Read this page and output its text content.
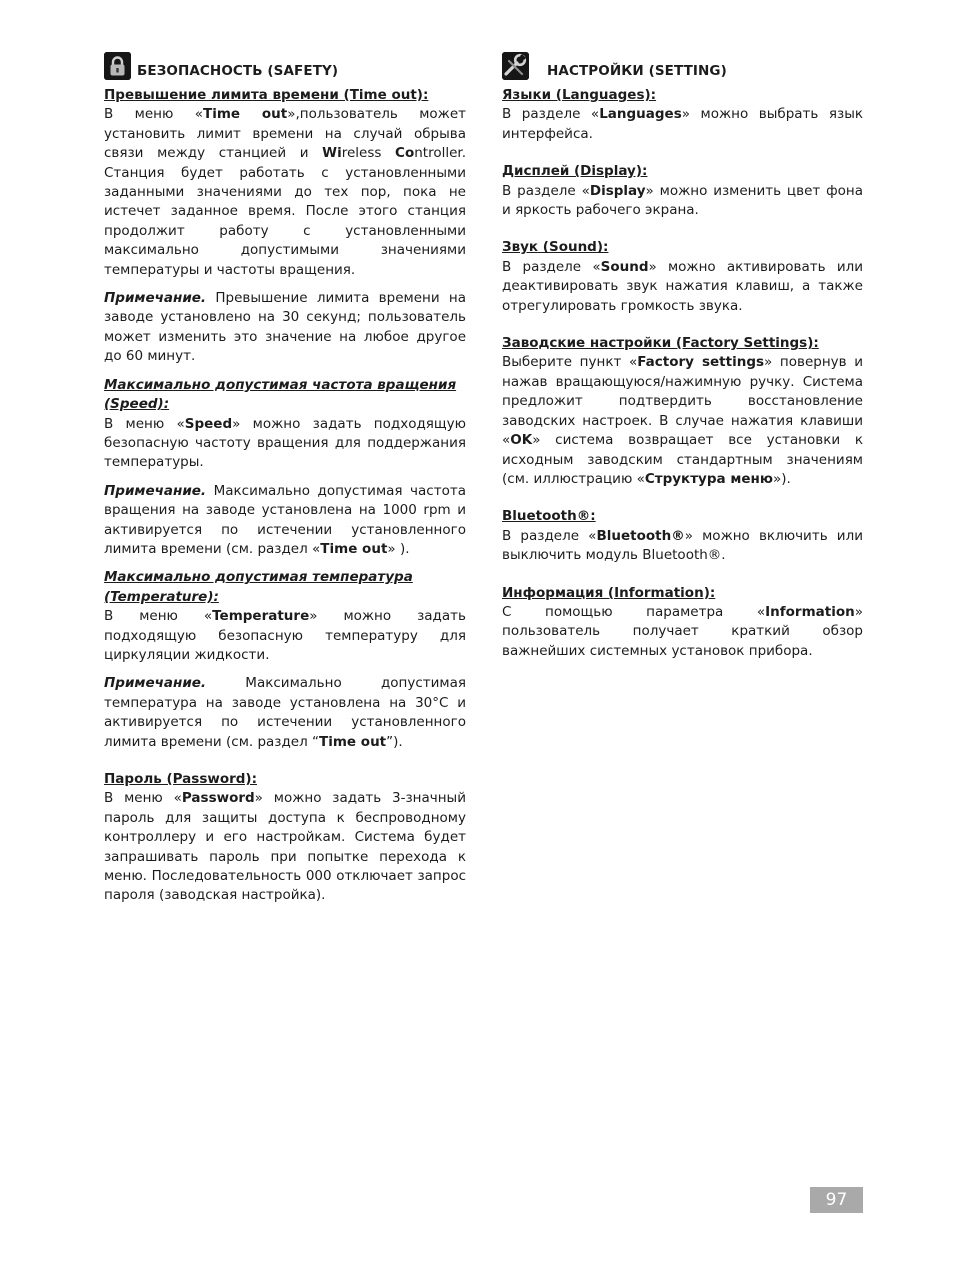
БЕЗОПАСНОСТЬ (SAFETY)

Превышение лимита времени (Time out):

В меню «Time out»,пользователь может установить лимит времени на случай обрыва связи между станцией и Wireless Controller. Станция будет работать с установленными заданными значениями до тех пор, пока не истечет заданное время. После этого станция продолжит работу с установленными максимально допустимыми значениями температуры и частоты вращения.

Примечание. Превышение лимита времени на заводе установлено на 30 секунд; пользователь может изменить это значение на любое другое до 60 минут.

Максимально допустимая частота вращения (Speed):

В меню «Speed» можно задать подходящую безопасную частоту вращения для поддержания температуры.

Примечание. Максимально допустимая частота вращения на заводе установлена на 1000 rpm и активируется по истечении установленного лимита времени (см. раздел «Time out» ).

Максимально допустимая температура (Temperature):

В меню «Temperature» можно задать подходящую безопасную температуру для циркуляции жидкости.

Примечание. Максимально допустимая температура на заводе установлена на 30°C и активируется по истечении установленного лимита времени (см. раздел “Time out”).

Пароль (Password):

В меню «Password» можно задать 3-значный пароль для защиты доступа к беспроводному контроллеру и его настройкам. Система будет запрашивать пароль при попытке перехода к меню. Последовательность 000 отключает запрос пароля (заводская настройка).

НАСТРОЙКИ (SETTING)

Языки (Languages):

В разделе «Languages» можно выбрать язык интерфейса.

Дисплей (Display):

В разделе «Display» можно изменить цвет фона и яркость рабочего экрана.

Звук (Sound):

В разделе «Sound» можно активировать или деактивировать звук нажатия клавиш, а также отрегулировать громкость звука.

Заводские настройки (Factory Settings):

Выберите пункт «Factory settings» повернув и нажав вращающуюся/нажимную ручку. Система предложит подтвердить восстановление заводских настроек. В случае нажатия клавиши «OK» система возвращает все установки к исходным заводским стандартным значениям (см. иллюстрацию «Структура меню»).

Bluetooth®:

В разделе «Bluetooth®» можно включить или выключить модуль Bluetooth®.

Информация (Information):

С помощью параметра «Information» пользователь получает краткий обзор важнейших системных установок прибора.

97
